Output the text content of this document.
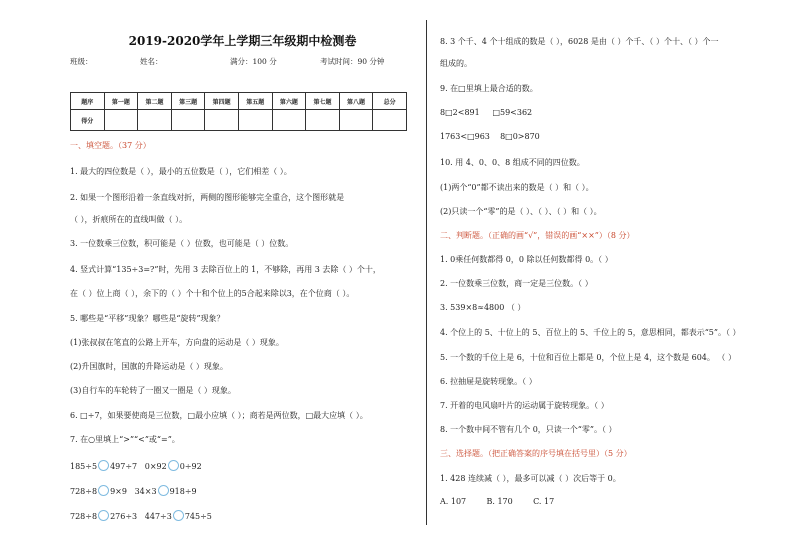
2019-2020学年上学期三年级期中检测卷
班级：	姓名：	满分：100 分	考试时间：90 分钟
题序	第一题	第二题	第三题	第四题	第五题	第六题	第七题	第八题	总分
得分									
一、填空题。（37 分）
1. 最大的四位数是（ ），最小的五位数是（ ），它们相差（ ）。
2. 如果一个图形沿着一条直线对折，两侧的图形能够完全重合，这个图形就是
（ ），折痕所在的直线叫做（ ）。
3. 一位数乘三位数，积可能是（ ）位数，也可能是（ ）位数。
4. 竖式计算“135÷3=?”时，先用 3 去除百位上的 1，不够除，再用 3 去除（ ）个十，
在（ ）位上商（ ），余下的（ ）个十和个位上的5合起来除以3，在个位商（ ）。
5. 哪些是“平移”现象？哪些是“旋转”现象？
(1)张叔叔在笔直的公路上开车，方向盘的运动是（ ）现象。
(2)升国旗时，国旗的升降运动是（ ）现象。
(3)自行车的车轮转了一圈又一圈是（ ）现象。
6. □÷7，如果要使商是三位数，□最小应填（ ）；商若是两位数，□最大应填（ ）。
7. 在○里填上“>”“<”或“=”。
185÷5 497÷7 0×92 0÷92
728÷8 9×9 34×3 918÷9
728÷8 276÷3 447÷3 745÷5
8. 3 个千、4 个十组成的数是（ ），6028 是由（ ）个千、（ ）个十、（ ）个一
组成的。
9. 在□里填上最合适的数。
8□2<891 □59<362
1763<□963 8□0>870
10. 用 4、0、0、8 组成不同的四位数。
(1)两个“0”都不读出来的数是（ ）和（ ）。
(2)只读一个“零”的是（ ）、（ ）、（ ）和（ ）。
二、判断题。（正确的画“√”，错误的画“××”）（8 分）
1. 0乘任何数都得 0，0 除以任何数都得 0。（ ）
2. 一位数乘三位数，商一定是三位数。（ ）
3. 539×8≈4800 （ ）
4. 个位上的 5、十位上的 5、百位上的 5、千位上的 5，意思相同，都表示“5”。（ ）
5. 一个数的千位上是 6，十位和百位上都是 0，个位上是 4，这个数是 604。 （ ）
6. 拉抽屉是旋转现象。（ ）
7. 开着的电风扇叶片的运动属于旋转现象。（ ）
8. 一个数中间不管有几个 0，只读一个“零”。（ ）
三、选择题。（把正确答案的序号填在括号里）（5 分）
1. 428 连续减（ ），最多可以减（ ）次后等于 0。
A. 107	B. 170	C. 17
